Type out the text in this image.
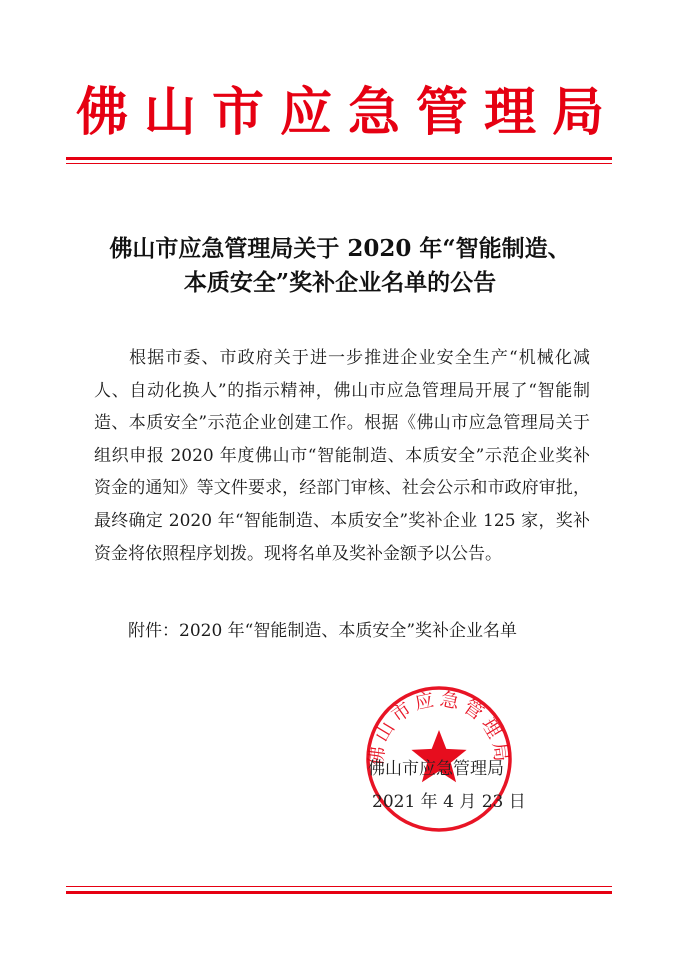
佛山市应急管理局
佛山市应急管理局关于 2020 年“智能制造、
本质安全”奖补企业名单的公告
根据市委、市政府关于进一步推进企业安全生产“机械化减人、自动化换人”的指示精神，佛山市应急管理局开展了“智能制造、本质安全”示范企业创建工作。根据《佛山市应急管理局关于组织申报 2020 年度佛山市“智能制造、本质安全”示范企业奖补资金的通知》等文件要求，经部门审核、社会公示和市政府审批，最终确定 2020 年“智能制造、本质安全”奖补企业 125 家，奖补资金将依照程序划拨。现将名单及奖补金额予以公告。
附件：2020 年“智能制造、本质安全”奖补企业名单
佛山市应急管理局
佛山市应急管理局
2021 年 4 月 23 日
